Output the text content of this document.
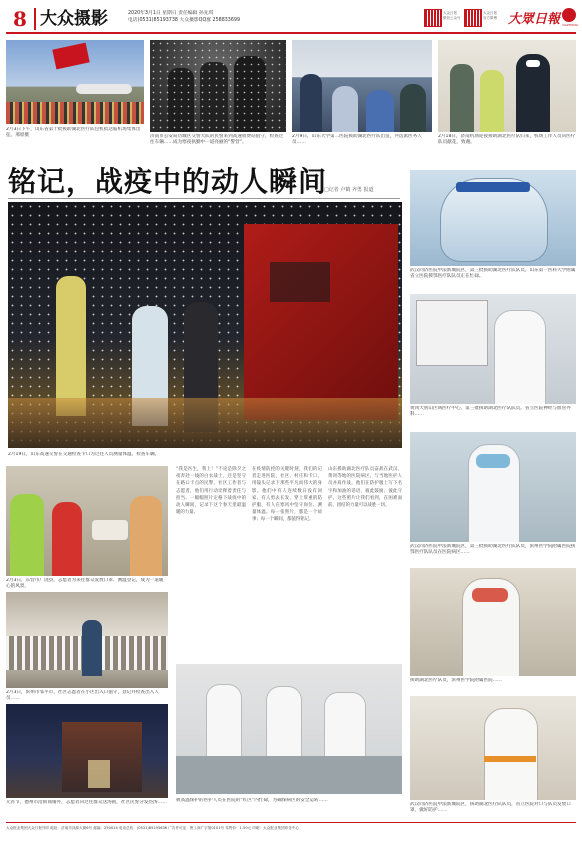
8 大众摄影	2020年3月1日 星期日 责任编辑 孙先琪
电话(0531)85193738 大众摄影QQ群 258833699
大众日报 微信公众号
大众日报 官方微博 大眾日報 DAZHONG
2月3日下午，山东省第十批援助湖北医疗队包机抵达临机场集体出征。邢原摄	济南市公安局历城区交警大队的民警来到高速收费站值守，检查过往车辆……成为寒夜执勤中一道亮丽的“警营”。
2月9日，山东大学第二医院援助湖北医疗队出征，共选派医务人员……
2月18日，济南机场迎接援助湖北医疗队归来，机场工作人员向医疗队员献花，致谢。
铭记，战疫中的动人瞬间
□记者 卢鹤 齐勇 报道
2月19日，山东高速交警在交通检查卡口为过往人员测量体温、检查车辆。
2月3日，东营市广饶县，志愿者为来往群众发放口罩、测温登记，成为一道暖心的风景。
2月3日，滨州市邹平市，社区志愿者在小区出入口值守，登记并检查出入人员……
元宵节，德州市沿街商铺外，志愿者向过往群众送汤圆，社区民警分发热汤……
“我是医生，我上！”不论是除夕之夜奔赴一线的白衣战士，还是坚守在路口卡点的民警、社区工作者与志愿者，他们用行动诠释着责任与担当。一幅幅照片定格下战疫中的动人瞬间，记录下这个春天里最温暖的力量。
在疫情防控的关键时刻，我们的记者走进医院、社区、村庄和卡口，用镜头记录下那些平凡而伟大的身影。他们中有人连续数日没有回家，有人剪去长发、穿上厚重的防护服，有人在寒风中坚守岗位、测量体温。每一张照片，都是一个故事；每一个瞬间，都值得铭记。
山东援助湖北医疗队员奋战在武汉、黄冈等地的医院病区，与当地医护人员并肩作战。他们在防护服上写下名字和加油的话语，彼此鼓励，彼此守护。这些照片让我们看到，在困难面前，团结的力量可以战胜一切。
被高温保护的医护人员在医院的“红区”内忙碌，为确保病区的安全运转……
武汉同济医院中法新城院区，第三批援助湖北医疗队队员。山东第一医科大学附属省立医院援鄂医疗队队员正在忙碌。
黄冈大别山区域医疗中心，第三批援助湖北医疗队队员。省立医院神经与血管外科……
武汉同济医院中法新城院区，第三批援助湖北医疗队队员，滨州医学院附属医院援鄂医疗队队员在医院病区……
援助湖北医疗队员，滨州医学院附属医院……
武汉同济医院中法新城院区，援助湖北医疗队队员，省立医院对口与队员发放口罩，做好防护……
大众报业集团大众日报刊印 地址：济南市泺源大街6号 邮编：250014 电话总机：(0531)85193636 广告许可证：鲁工商广字第0101号 零售价：1.50元 印刷：大众报业集团印务中心
